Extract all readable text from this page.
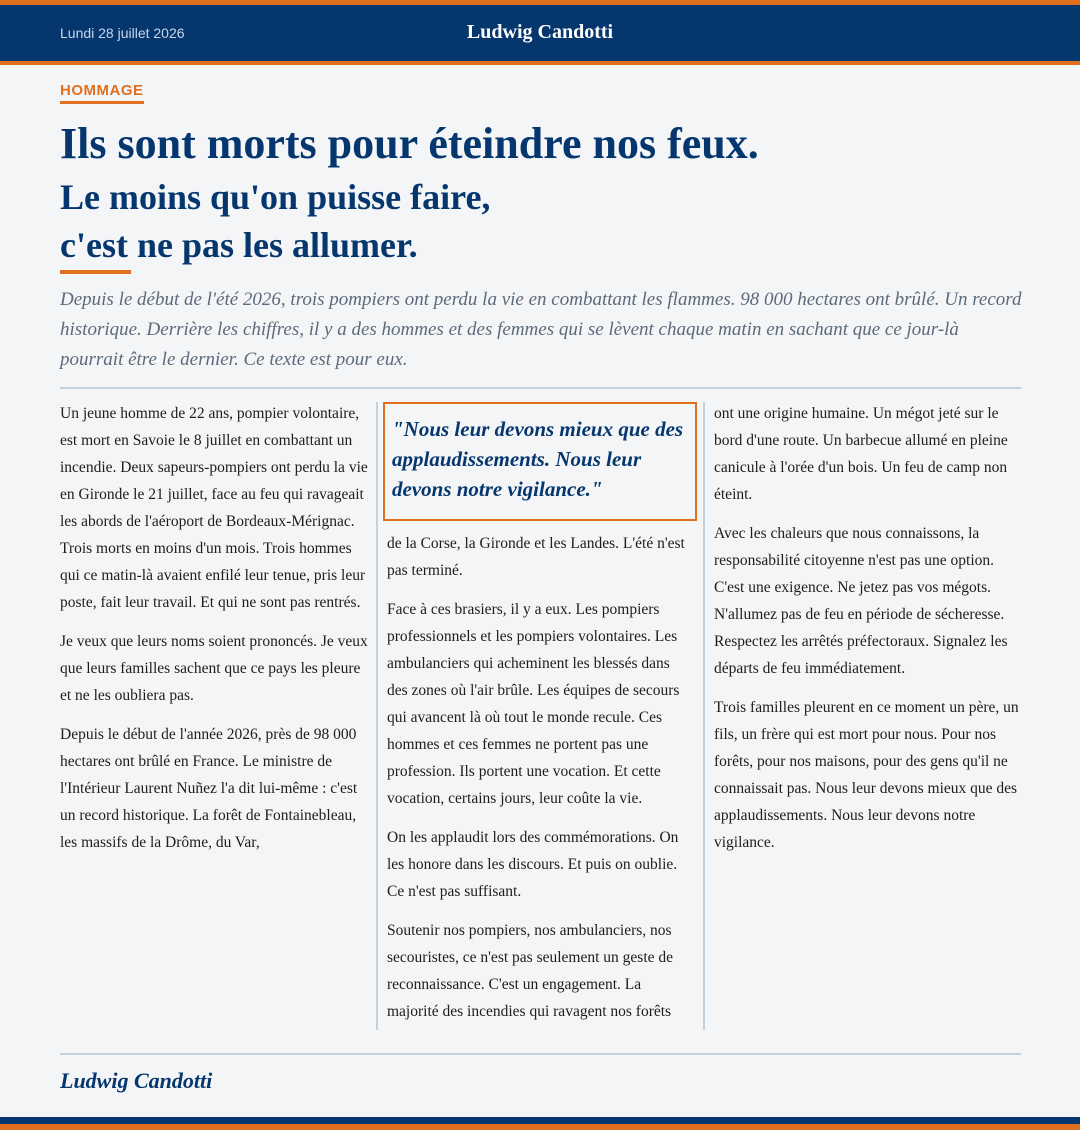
Lundi 28 juillet 2026	Ludwig Candotti
HOMMAGE
Ils sont morts pour éteindre nos feux.
Le moins qu'on puisse faire,
c'est ne pas les allumer.
Depuis le début de l'été 2026, trois pompiers ont perdu la vie en combattant les flammes. 98 000 hectares ont brûlé. Un record historique. Derrière les chiffres, il y a des hommes et des femmes qui se lèvent chaque matin en sachant que ce jour-là pourrait être le dernier. Ce texte est pour eux.

Un jeune homme de 22 ans, pompier volontaire, est mort en Savoie le 8 juillet en combattant un incendie. Deux sapeurs-pompiers ont perdu la vie en Gironde le 21 juillet, face au feu qui ravageait les abords de l'aéroport de Bordeaux-Mérignac. Trois morts en moins d'un mois. Trois hommes qui ce matin-là avaient enfilé leur tenue, pris leur poste, fait leur travail. Et qui ne sont pas rentrés.

Je veux que leurs noms soient prononcés. Je veux que leurs familles sachent que ce pays les pleure et ne les oubliera pas.

Depuis le début de l'année 2026, près de 98 000 hectares ont brûlé en France. Le ministre de l'Intérieur Laurent Nuñez l'a dit lui-même : c'est un record historique. La forêt de Fontainebleau, les massifs de la Drôme, du Var,

"Nous leur devons mieux que des applaudissements. Nous leur devons notre vigilance."

de la Corse, la Gironde et les Landes. L'été n'est pas terminé.

Face à ces brasiers, il y a eux. Les pompiers professionnels et les pompiers volontaires. Les ambulanciers qui acheminent les blessés dans des zones où l'air brûle. Les équipes de secours qui avancent là où tout le monde recule. Ces hommes et ces femmes ne portent pas une profession. Ils portent une vocation. Et cette vocation, certains jours, leur coûte la vie.

On les applaudit lors des commémorations. On les honore dans les discours. Et puis on oublie. Ce n'est pas suffisant.

Soutenir nos pompiers, nos ambulanciers, nos secouristes, ce n'est pas seulement un geste de reconnaissance. C'est un engagement. La majorité des incendies qui ravagent nos forêts

ont une origine humaine. Un mégot jeté sur le bord d'une route. Un barbecue allumé en pleine canicule à l'orée d'un bois. Un feu de camp non éteint.

Avec les chaleurs que nous connaissons, la responsabilité citoyenne n'est pas une option. C'est une exigence. Ne jetez pas vos mégots. N'allumez pas de feu en période de sécheresse. Respectez les arrêtés préfectoraux. Signalez les départs de feu immédiatement.

Trois familles pleurent en ce moment un père, un fils, un frère qui est mort pour nous. Pour nos forêts, pour nos maisons, pour des gens qu'il ne connaissait pas. Nous leur devons mieux que des applaudissements. Nous leur devons notre vigilance.

Ludwig Candotti
